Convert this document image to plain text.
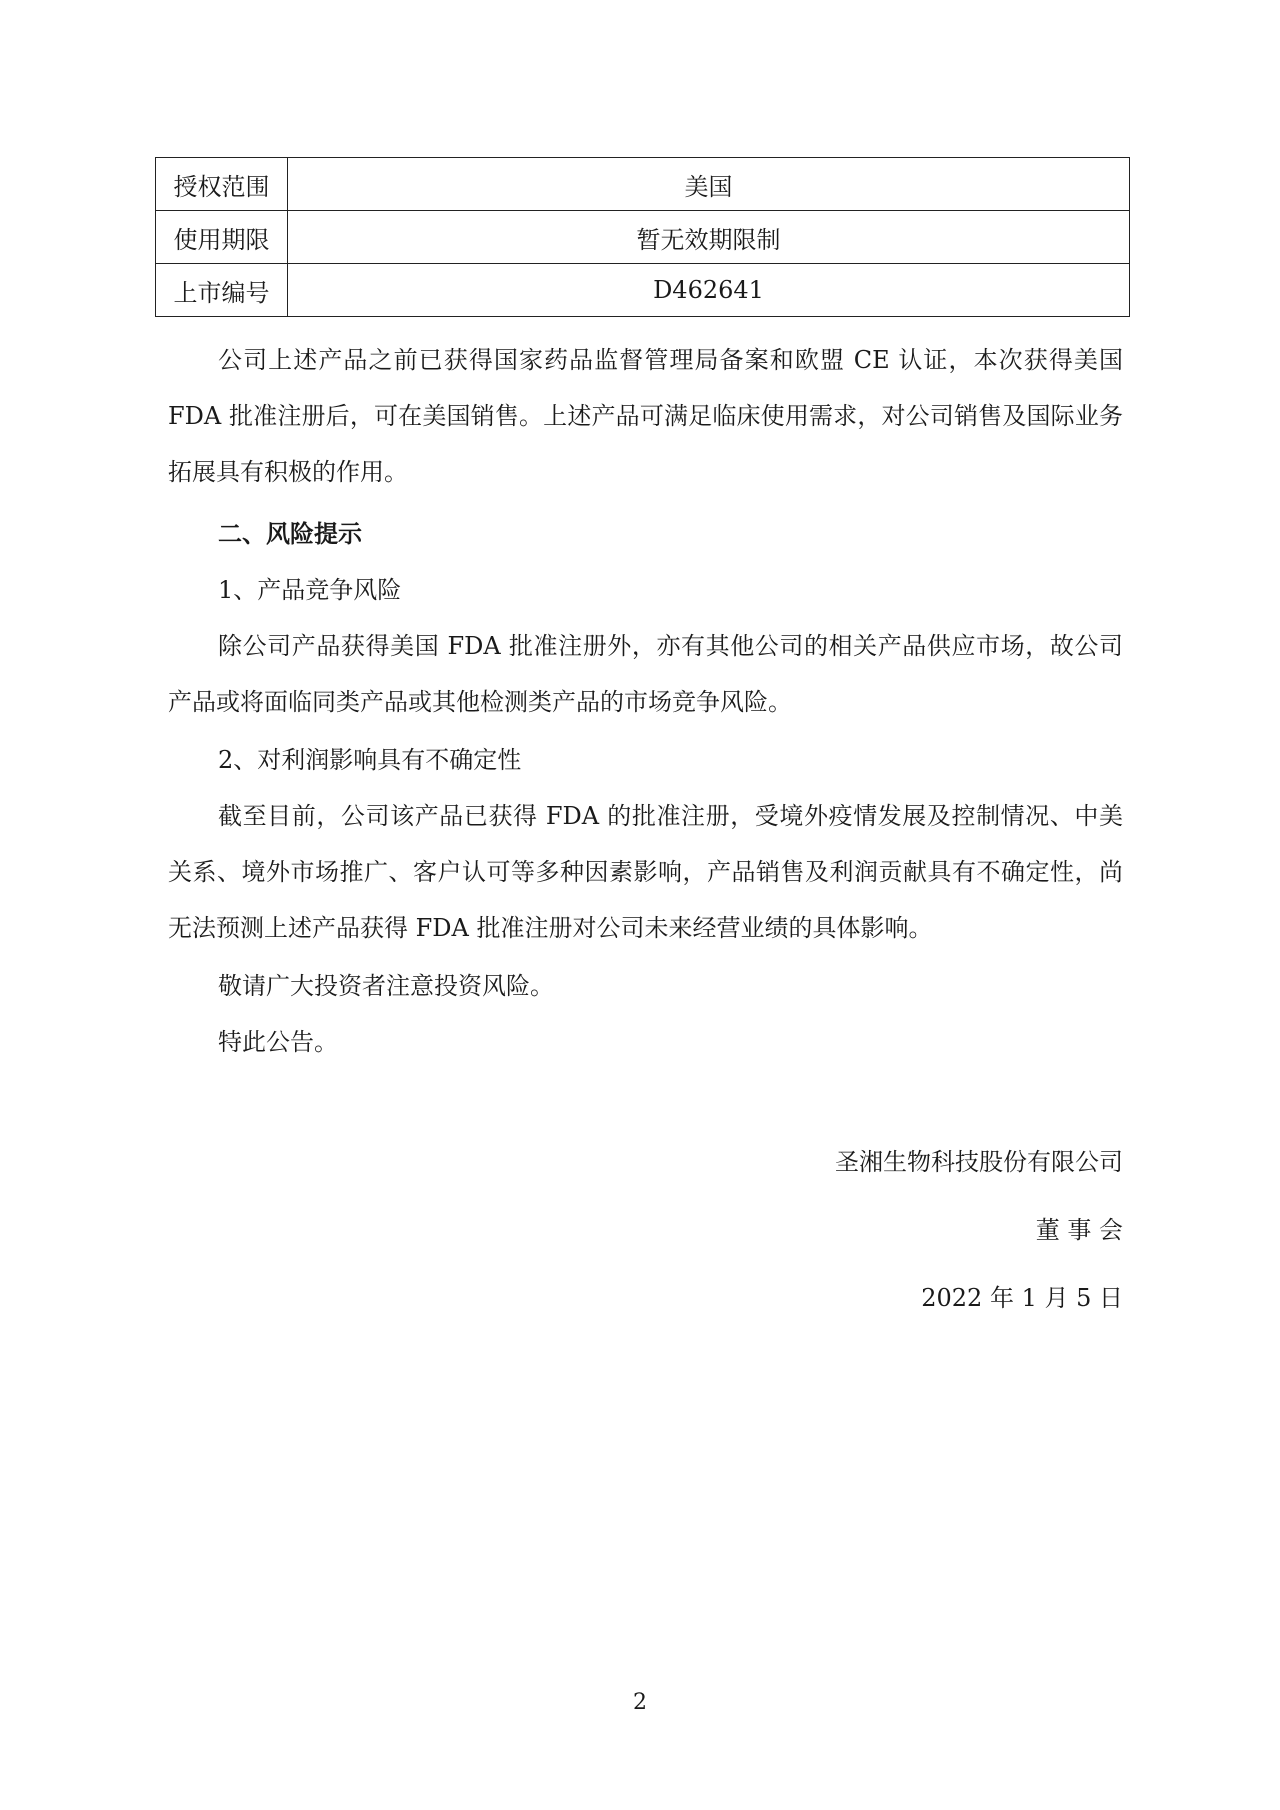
授权范围	美国
使用期限	暂无效期限制
上市编号	D462641

公司上述产品之前已获得国家药品监督管理局备案和欧盟 CE 认证，本次获得美国 FDA 批准注册后，可在美国销售。上述产品可满足临床使用需求，对公司销售及国际业务拓展具有积极的作用。

二、风险提示

1、产品竞争风险

除公司产品获得美国 FDA 批准注册外，亦有其他公司的相关产品供应市场，故公司产品或将面临同类产品或其他检测类产品的市场竞争风险。

2、对利润影响具有不确定性

截至目前，公司该产品已获得 FDA 的批准注册，受境外疫情发展及控制情况、中美关系、境外市场推广、客户认可等多种因素影响，产品销售及利润贡献具有不确定性，尚无法预测上述产品获得 FDA 批准注册对公司未来经营业绩的具体影响。

敬请广大投资者注意投资风险。

特此公告。

圣湘生物科技股份有限公司

董 事 会

2022 年 1 月 5 日

2
